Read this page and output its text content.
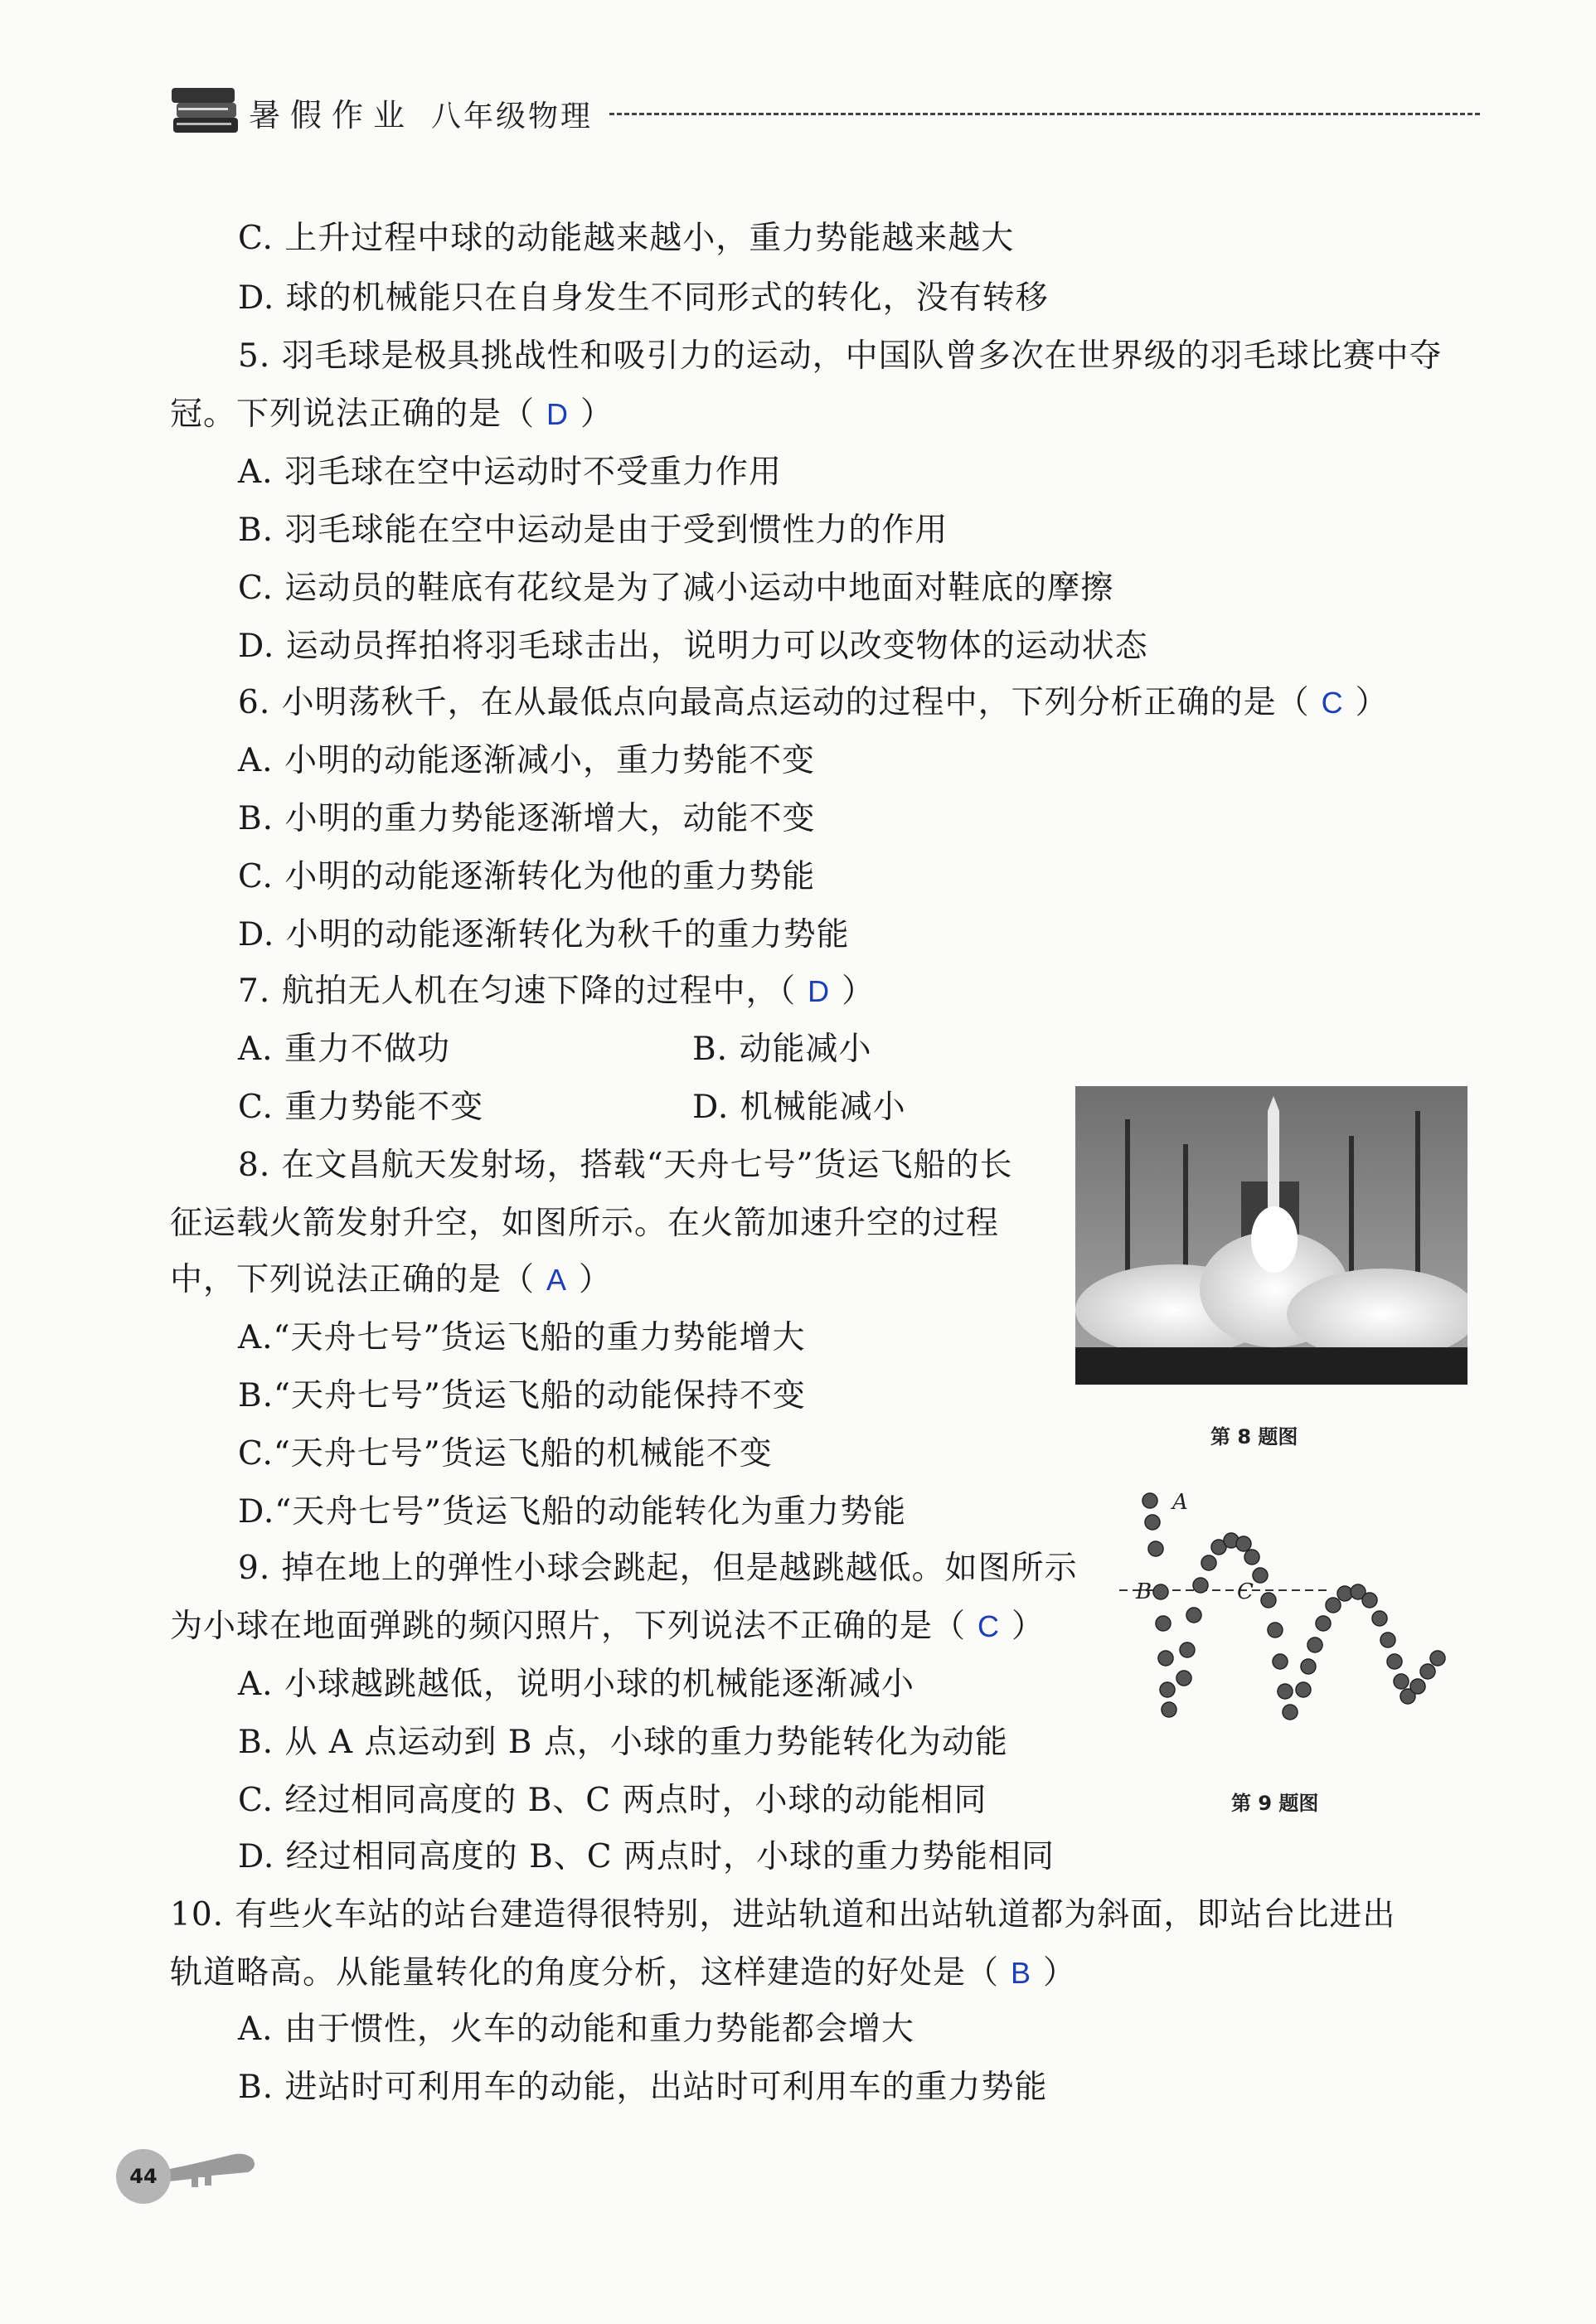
暑假作业 八年级物理
C. 上升过程中球的动能越来越小，重力势能越来越大
D. 球的机械能只在自身发生不同形式的转化，没有转移
5. 羽毛球是极具挑战性和吸引力的运动，中国队曾多次在世界级的羽毛球比赛中夺
冠。下列说法正确的是（ D ）
A. 羽毛球在空中运动时不受重力作用
B. 羽毛球能在空中运动是由于受到惯性力的作用
C. 运动员的鞋底有花纹是为了减小运动中地面对鞋底的摩擦
D. 运动员挥拍将羽毛球击出，说明力可以改变物体的运动状态
6. 小明荡秋千，在从最低点向最高点运动的过程中，下列分析正确的是（ C ）
A. 小明的动能逐渐减小，重力势能不变
B. 小明的重力势能逐渐增大，动能不变
C. 小明的动能逐渐转化为他的重力势能
D. 小明的动能逐渐转化为秋千的重力势能
7. 航拍无人机在匀速下降的过程中，（ D ）
A. 重力不做功	B. 动能减小
C. 重力势能不变	D. 机械能减小
8. 在文昌航天发射场，搭载“天舟七号”货运飞船的长
征运载火箭发射升空，如图所示。在火箭加速升空的过程
中，下列说法正确的是（ A ）
A.“天舟七号”货运飞船的重力势能增大
B.“天舟七号”货运飞船的动能保持不变
C.“天舟七号”货运飞船的机械能不变
D.“天舟七号”货运飞船的动能转化为重力势能
9. 掉在地上的弹性小球会跳起，但是越跳越低。如图所示
为小球在地面弹跳的频闪照片，下列说法不正确的是（ C ）
A. 小球越跳越低，说明小球的机械能逐渐减小
B. 从 A 点运动到 B 点，小球的重力势能转化为动能
C. 经过相同高度的 B、C 两点时，小球的动能相同
D. 经过相同高度的 B、C 两点时，小球的重力势能相同
10. 有些火车站的站台建造得很特别，进站轨道和出站轨道都为斜面，即站台比进出
轨道略高。从能量转化的角度分析，这样建造的好处是（ B ）
A. 由于惯性，火车的动能和重力势能都会增大
B. 进站时可利用车的动能，出站时可利用车的重力势能
第 8 题图
A
B	C
第 9 题图
44
